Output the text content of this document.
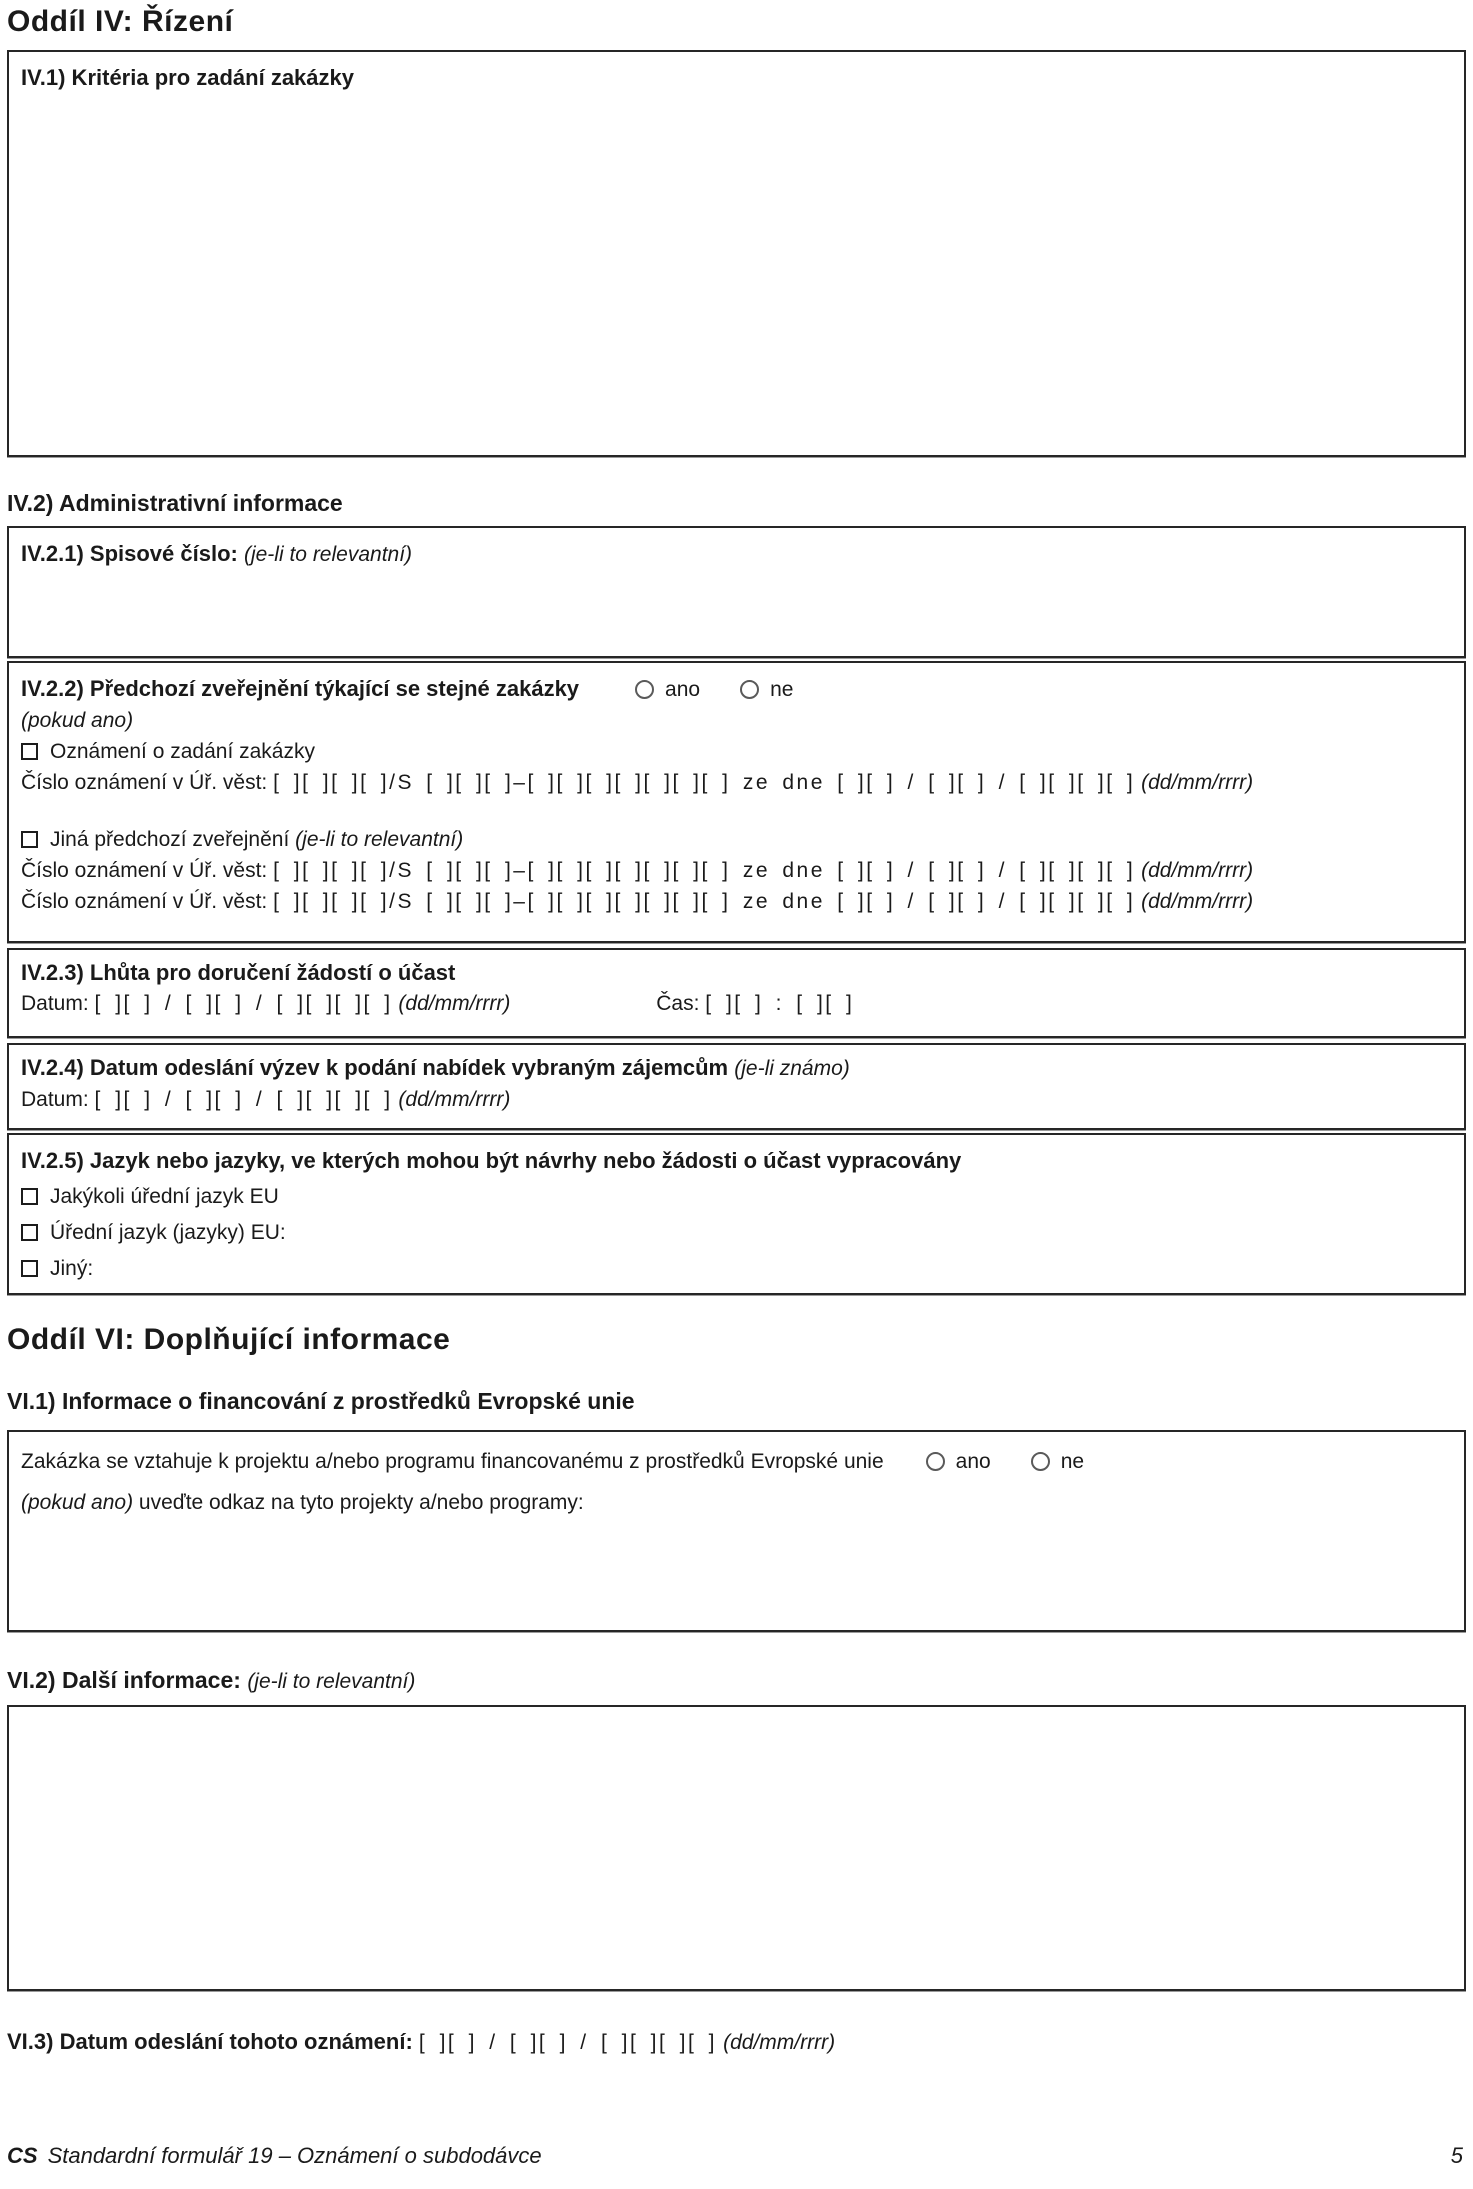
Oddíl IV: Řízení
IV.1) Kritéria pro zadání zakázky
IV.2) Administrativní informace
IV.2.1) Spisové číslo: (je-li to relevantní)
IV.2.2) Předchozí zveřejnění týkající se stejné zakázky	ano	ne
(pokud ano)
Oznámení o zadání zakázky
Číslo oznámení v Úř. věst: [ ][ ][ ][ ]/S [ ][ ][ ]–[ ][ ][ ][ ][ ][ ][ ] ze dne [ ][ ] / [ ][ ] / [ ][ ][ ][ ] (dd/mm/rrrr)
Jiná předchozí zveřejnění (je-li to relevantní)
Číslo oznámení v Úř. věst: [ ][ ][ ][ ]/S [ ][ ][ ]–[ ][ ][ ][ ][ ][ ][ ] ze dne [ ][ ] / [ ][ ] / [ ][ ][ ][ ] (dd/mm/rrrr)
Číslo oznámení v Úř. věst: [ ][ ][ ][ ]/S [ ][ ][ ]–[ ][ ][ ][ ][ ][ ][ ] ze dne [ ][ ] / [ ][ ] / [ ][ ][ ][ ] (dd/mm/rrrr)
IV.2.3) Lhůta pro doručení žádostí o účast
Datum: [ ][ ] / [ ][ ] / [ ][ ][ ][ ] (dd/mm/rrrr)	Čas: [ ][ ] : [ ][ ]
IV.2.4) Datum odeslání výzev k podání nabídek vybraným zájemcům (je-li známo)
Datum: [ ][ ] / [ ][ ] / [ ][ ][ ][ ] (dd/mm/rrrr)
IV.2.5) Jazyk nebo jazyky, ve kterých mohou být návrhy nebo žádosti o účast vypracovány
Jakýkoli úřední jazyk EU
Úřední jazyk (jazyky) EU:
Jiný:
Oddíl VI: Doplňující informace
VI.1) Informace o financování z prostředků Evropské unie
Zakázka se vztahuje k projektu a/nebo programu financovanému z prostředků Evropské unie	ano	ne
(pokud ano) uveďte odkaz na tyto projekty a/nebo programy:
VI.2) Další informace: (je-li to relevantní)
VI.3) Datum odeslání tohoto oznámení: [ ][ ] / [ ][ ] / [ ][ ][ ][ ] (dd/mm/rrrr)
CS Standardní formulář 19 – Oznámení o subdodávce	5
